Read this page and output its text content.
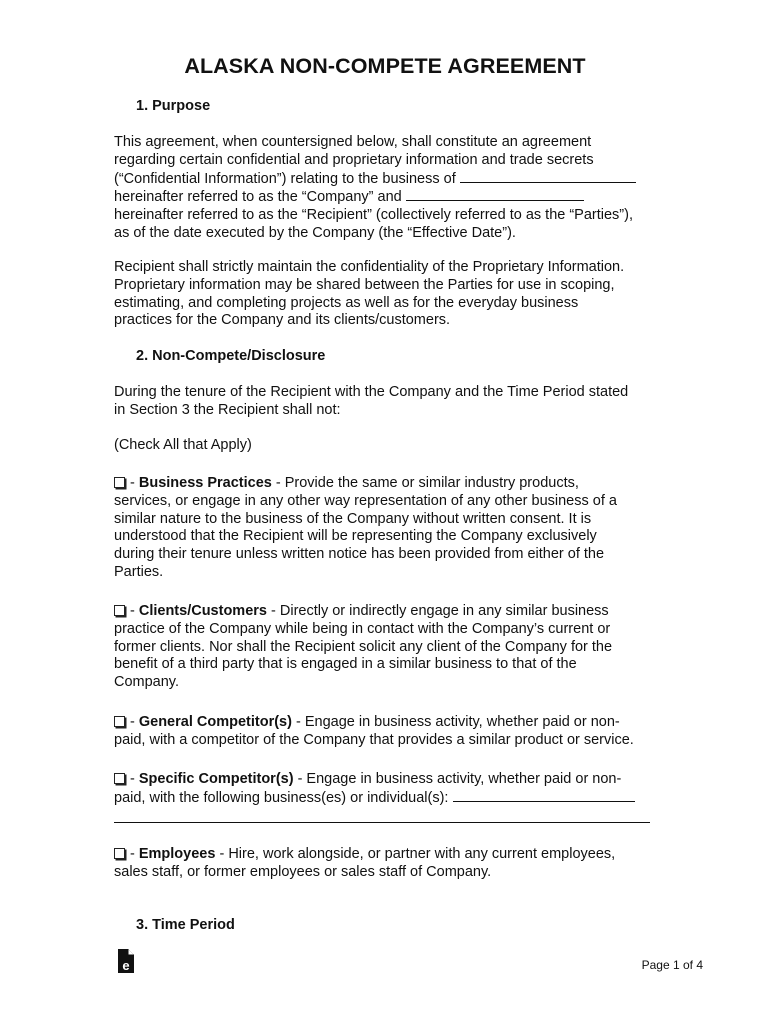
ALASKA NON-COMPETE AGREEMENT
1. Purpose
This agreement, when countersigned below, shall constitute an agreement
regarding certain confidential and proprietary information and trade secrets
(“Confidential Information”) relating to the business of
hereinafter referred to as the “Company” and
hereinafter referred to as the “Recipient” (collectively referred to as the “Parties”),
as of the date executed by the Company (the “Effective Date”).
Recipient shall strictly maintain the confidentiality of the Proprietary Information.
Proprietary information may be shared between the Parties for use in scoping,
estimating, and completing projects as well as for the everyday business
practices for the Company and its clients/customers.
2. Non-Compete/Disclosure
During the tenure of the Recipient with the Company and the Time Period stated
in Section 3 the Recipient shall not:
(Check All that Apply)
- Business Practices - Provide the same or similar industry products,
services, or engage in any other way representation of any other business of a
similar nature to the business of the Company without written consent. It is
understood that the Recipient will be representing the Company exclusively
during their tenure unless written notice has been provided from either of the
Parties.
- Clients/Customers - Directly or indirectly engage in any similar business
practice of the Company while being in contact with the Company’s current or
former clients. Nor shall the Recipient solicit any client of the Company for the
benefit of a third party that is engaged in a similar business to that of the
Company.
- General Competitor(s) - Engage in business activity, whether paid or non-
paid, with a competitor of the Company that provides a similar product or service.
- Specific Competitor(s) - Engage in business activity, whether paid or non-
paid, with the following business(es) or individual(s):
- Employees - Hire, work alongside, or partner with any current employees,
sales staff, or former employees or sales staff of Company.
3. Time Period
e	Page 1 of 4
